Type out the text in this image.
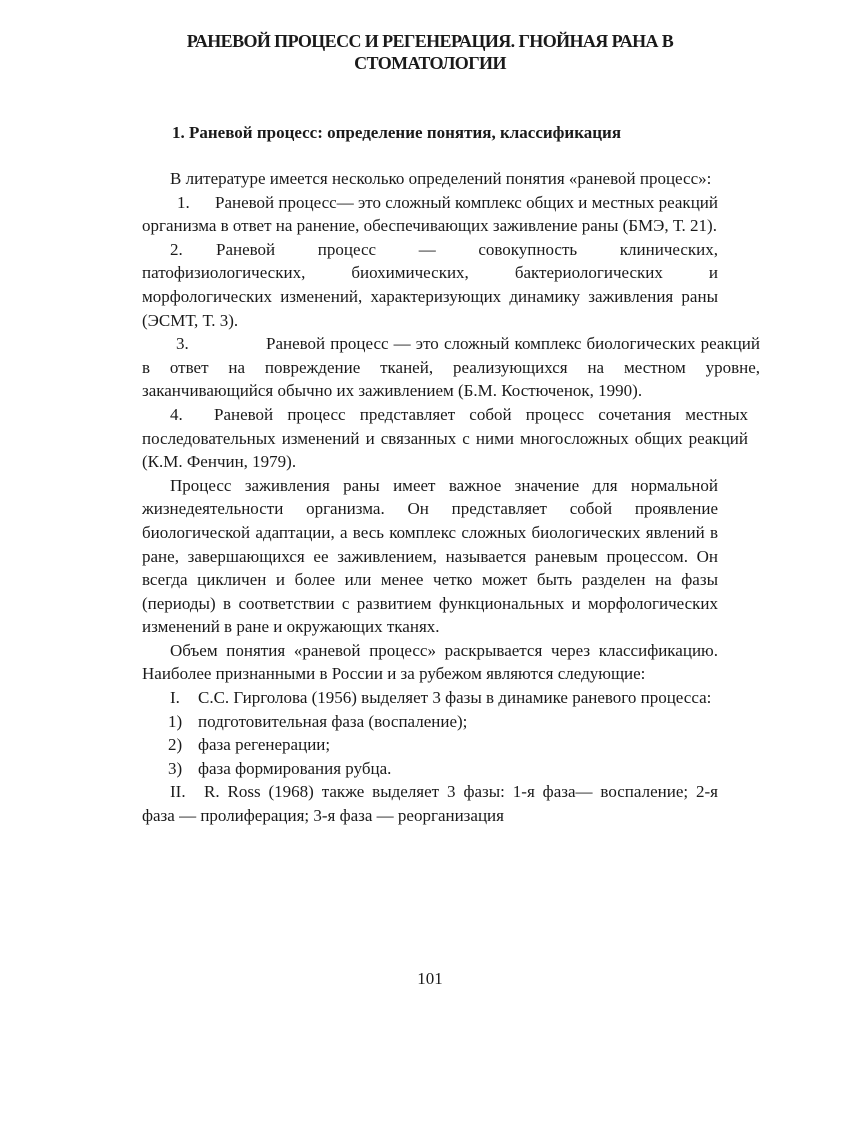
РАНЕВОЙ ПРОЦЕСС И РЕГЕНЕРАЦИЯ. ГНОЙНАЯ РАНА В СТОМАТОЛОГИИ
1. Раневой процесс: определение понятия, классификация

В литературе имеется несколько определений понятия «раневой процесс»:

1. Раневой процесс— это сложный комплекс общих и местных реакций организма в ответ на ранение, обеспечивающих заживление раны (БМЭ, Т. 21).

2. Раневой процесс — совокупность клинических, патофизиологических, биохимических, бактериологических и морфологических изменений, характеризующих динамику заживления раны (ЭСМТ, Т. 3).

3.	Раневой процесс — это сложный комплекс биологических реакций в ответ на повреждение тканей, реализующихся на местном уровне, заканчивающийся обычно их заживлением (Б.М. Костюченок, 1990).

4. Раневой процесс представляет собой процесс сочетания местных последовательных изменений и связанных с ними многосложных общих реакций (К.М. Фенчин, 1979).

Процесс заживления раны имеет важное значение для нормальной жизнедеятельности организма. Он представляет собой проявление биологической адаптации, а весь комплекс сложных биологических явлений в ране, завершающихся ее заживлением, называется раневым процессом. Он всегда цикличен и более или менее четко может быть разделен на фазы (периоды) в соответствии с развитием функциональных и морфологических изменений в ране и окружающих тканях.

Объем понятия «раневой процесс» раскрывается через классификацию. Наиболее признанными в России и за рубежом являются следующие:

I. С.С. Гирголова (1956) выделяет 3 фазы в динамике раневого процесса:

1) подготовительная фаза (воспаление);

2) фаза регенерации;

3) фаза формирования рубца.

II. R. Ross (1968) также выделяет 3 фазы: 1-я фаза— воспаление; 2-я фаза — пролиферация; 3-я фаза — реорганизация

101
